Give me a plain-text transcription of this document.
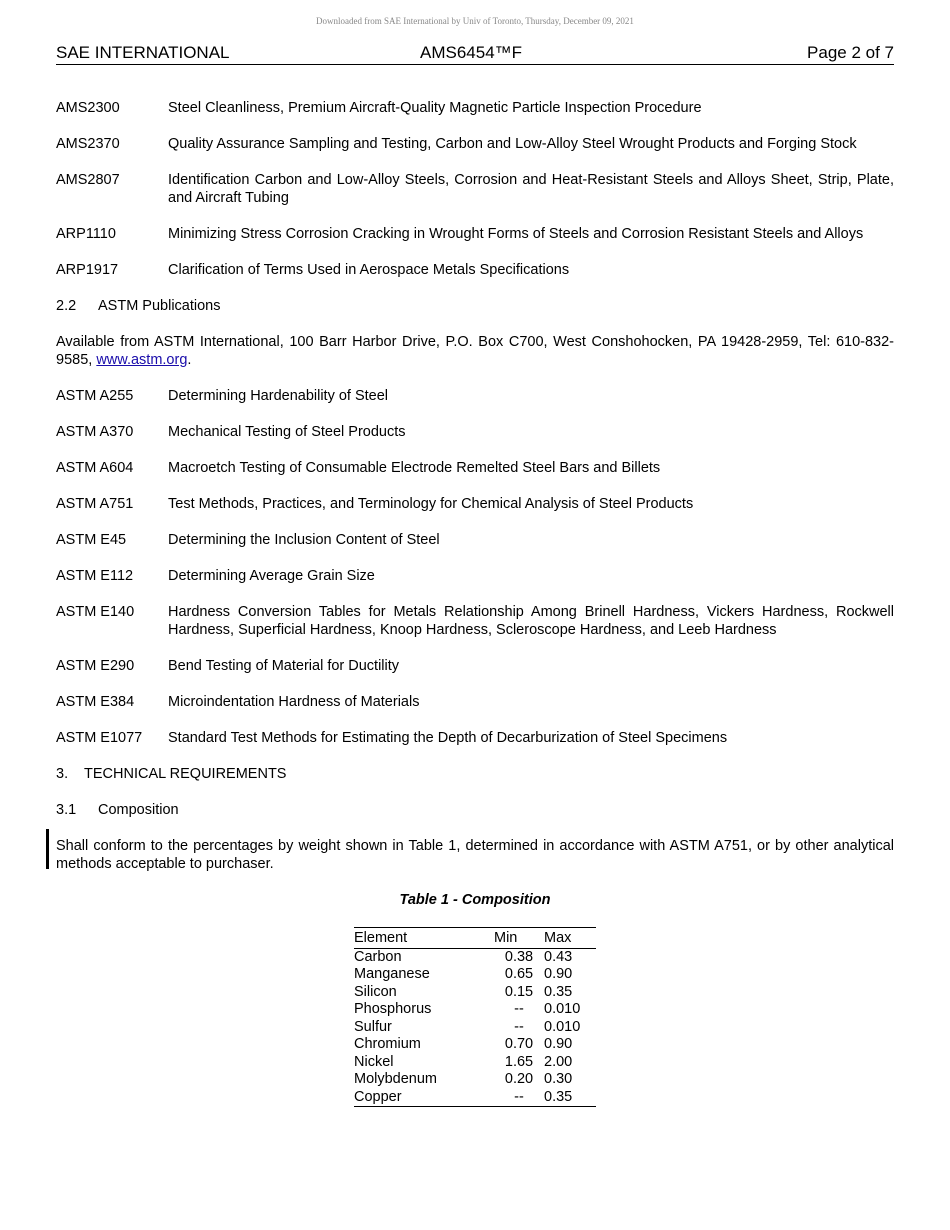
Downloaded from SAE International by Univ of Toronto, Thursday, December 09, 2021
SAE INTERNATIONAL	AMS6454™F	Page 2 of 7
AMS2300	Steel Cleanliness, Premium Aircraft-Quality Magnetic Particle Inspection Procedure
AMS2370	Quality Assurance Sampling and Testing, Carbon and Low-Alloy Steel Wrought Products and Forging Stock
AMS2807	Identification Carbon and Low-Alloy Steels, Corrosion and Heat-Resistant Steels and Alloys Sheet, Strip, Plate, and Aircraft Tubing
ARP1110	Minimizing Stress Corrosion Cracking in Wrought Forms of Steels and Corrosion Resistant Steels and Alloys
ARP1917	Clarification of Terms Used in Aerospace Metals Specifications
2.2 ASTM Publications
Available from ASTM International, 100 Barr Harbor Drive, P.O. Box C700, West Conshohocken, PA 19428-2959, Tel: 610-832-9585, www.astm.org.
ASTM A255	Determining Hardenability of Steel
ASTM A370	Mechanical Testing of Steel Products
ASTM A604	Macroetch Testing of Consumable Electrode Remelted Steel Bars and Billets
ASTM A751	Test Methods, Practices, and Terminology for Chemical Analysis of Steel Products
ASTM E45	Determining the Inclusion Content of Steel
ASTM E112	Determining Average Grain Size
ASTM E140	Hardness Conversion Tables for Metals Relationship Among Brinell Hardness, Vickers Hardness, Rockwell Hardness, Superficial Hardness, Knoop Hardness, Scleroscope Hardness, and Leeb Hardness
ASTM E290	Bend Testing of Material for Ductility
ASTM E384	Microindentation Hardness of Materials
ASTM E1077	Standard Test Methods for Estimating the Depth of Decarburization of Steel Specimens
3. TECHNICAL REQUIREMENTS
3.1 Composition
Shall conform to the percentages by weight shown in Table 1, determined in accordance with ASTM A751, or by other analytical methods acceptable to purchaser.
Table 1 - Composition
Element	Min	Max
Carbon	0.38	0.43
Manganese	0.65	0.90
Silicon	0.15	0.35
Phosphorus	--	0.010
Sulfur	--	0.010
Chromium	0.70	0.90
Nickel	1.65	2.00
Molybdenum	0.20	0.30
Copper	--	0.35
